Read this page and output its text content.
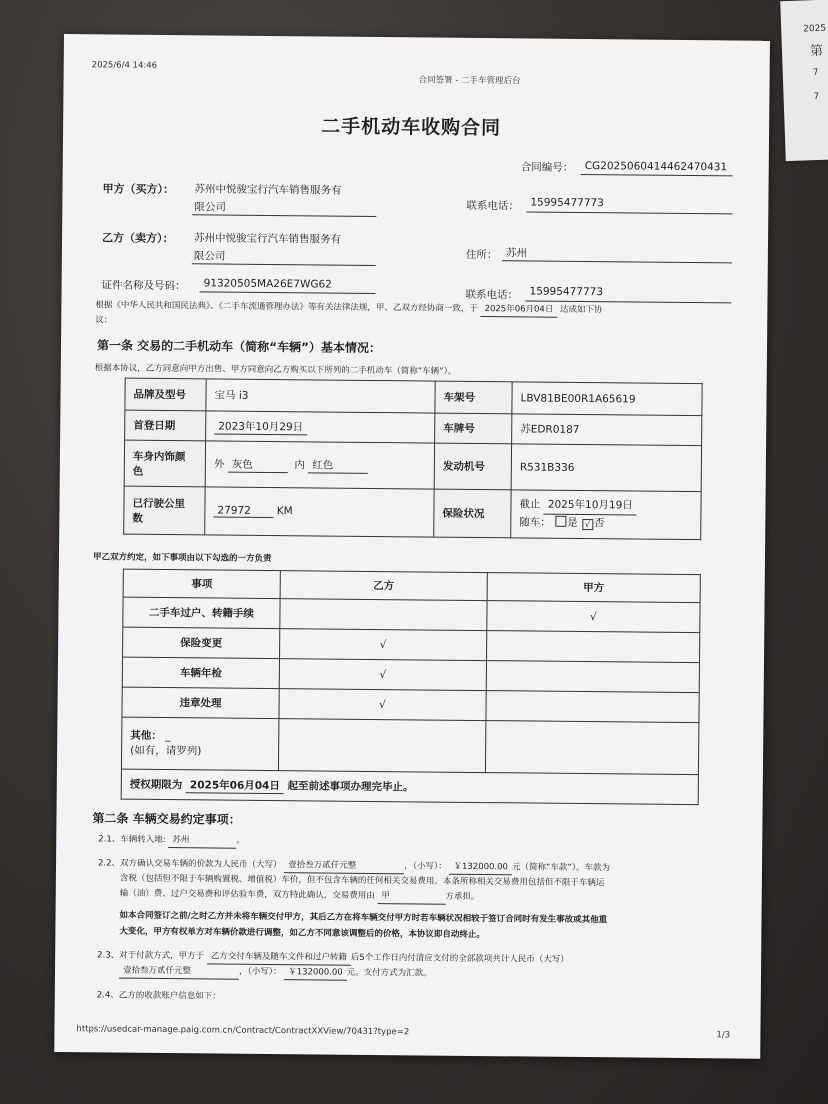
2025
第
7
7
2025/6/4 14:46
合同签署 - 二手车管理后台
二手机动车收购合同
合同编号： CG2025060414462470431
甲方（买方）： 苏州中悦骏宝行汽车销售服务有
限公司	联系电话： 15995477773
乙方（卖方）： 苏州中悦骏宝行汽车销售服务有
限公司	住所： 苏州
证件名称及号码： 91320505MA26E7WG62
联系电话： 15995477773
根据《中华人民共和国民法典》、《二手车流通管理办法》等有关法律法规，甲、乙双方经协商一致，于 2025年06月04日 达成如下协
议：
第一条 交易的二手机动车（简称“车辆”）基本情况：
根据本协议，乙方同意向甲方出售、甲方同意向乙方购买以下所列的二手机动车（简称“车辆”）。
品牌及型号	宝马 i3	车架号	LBV81BE00R1A65619
首登日期	2023年10月29日	车牌号	苏EDR0187
车身内饰颜
色	外 灰色 内 红色	发动机号	R531B336
已行驶公里
数	27972 KM	保险状况	截止 2025年10月19日
随车： 是 √ 否
甲乙双方约定，如下事项由以下勾选的一方负责
事项	乙方	甲方
二手车过户、转籍手续		√
保险变更	√	
车辆年检	√	
违章处理	√	
其他： _
(如有，请罗列)		
授权期限为 2025年06月04日 起至前述事项办理完毕止。		
第二条 车辆交易约定事项：
2.1、车辆转入地: 苏州	。
2.2、双方确认交易车辆的价款为人民币（大写） 壹拾叁万贰仟元整	，（小写）： ￥132000.00 元（简称“车款”）。车款为
含税（包括但不限于车辆购置税、增值税）车价，但不包含车辆的任何相关交易费用。本条所称相关交易费用包括但不限于车辆运
输（油）费、过户交易费和评估验车费，双方特此确认，交易费用由 甲	方承担。
如本合同签订之前/之时乙方并未将车辆交付甲方，其后乙方在将车辆交付甲方时若车辆状况相较于签订合同时有发生事故或其他重
大变化，甲方有权单方对车辆价款进行调整，如乙方不同意该调整后的价格，本协议即自动终止。
2.3、对于付款方式，甲方于 乙方交付车辆及随车文件和过户转籍 后5个工作日内付清应支付的全部款项共计人民币（大写）
壹拾叁万贰仟元整	，（小写）： ￥132000.00 元。支付方式为汇款。
2.4、乙方的收款账户信息如下：
https://usedcar-manage.paig.com.cn/Contract/ContractXXView/70431?type=2	1/3
